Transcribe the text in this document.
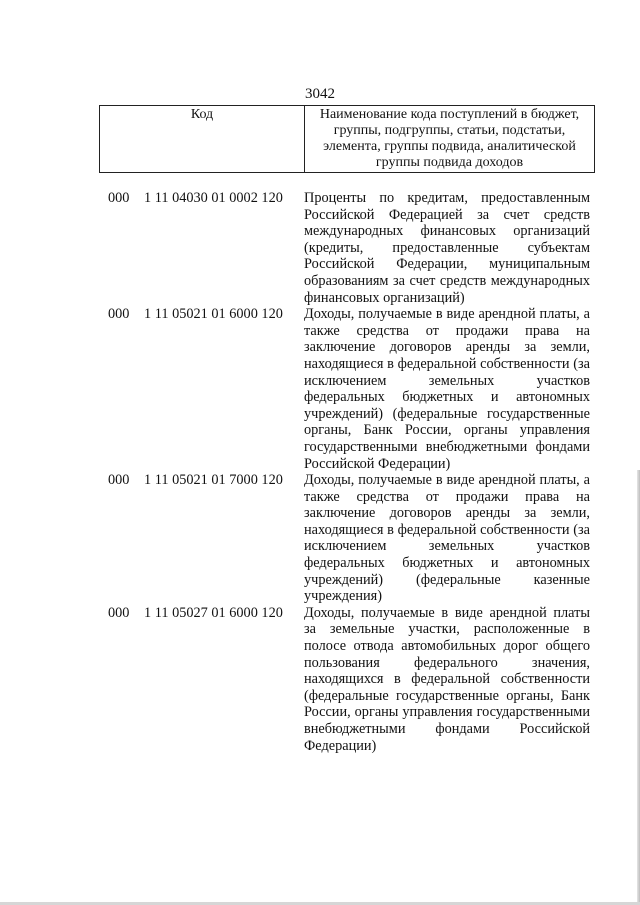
3042
Код	Наименование кода поступлений в бюджет, группы, подгруппы, статьи, подстатьи, элемента, группы подвида, аналитической группы подвида доходов
000	1 11 04030 01 0002 120	Проценты по кредитам, предоставленным Российской Федерацией за счет средств международных финансовых организаций (кредиты, предоставленные субъектам Российской Федерации, муниципальным образованиям за счет средств международных финансовых организаций)
000	1 11 05021 01 6000 120	Доходы, получаемые в виде арендной платы, а также средства от продажи права на заключение договоров аренды за земли, находящиеся в федеральной собственности (за исключением земельных участков федеральных бюджетных и автономных учреждений) (федеральные государственные органы, Банк России, органы управления государственными внебюджетными фондами Российской Федерации)
000	1 11 05021 01 7000 120	Доходы, получаемые в виде арендной платы, а также средства от продажи права на заключение договоров аренды за земли, находящиеся в федеральной собственности (за исключением земельных участков федеральных бюджетных и автономных учреждений) (федеральные казенные учреждения)
000	1 11 05027 01 6000 120	Доходы, получаемые в виде арендной платы за земельные участки, расположенные в полосе отвода автомобильных дорог общего пользования федерального значения, находящихся в федеральной собственности (федеральные государственные органы, Банк России, органы управления государственными внебюджетными фондами Российской Федерации)
